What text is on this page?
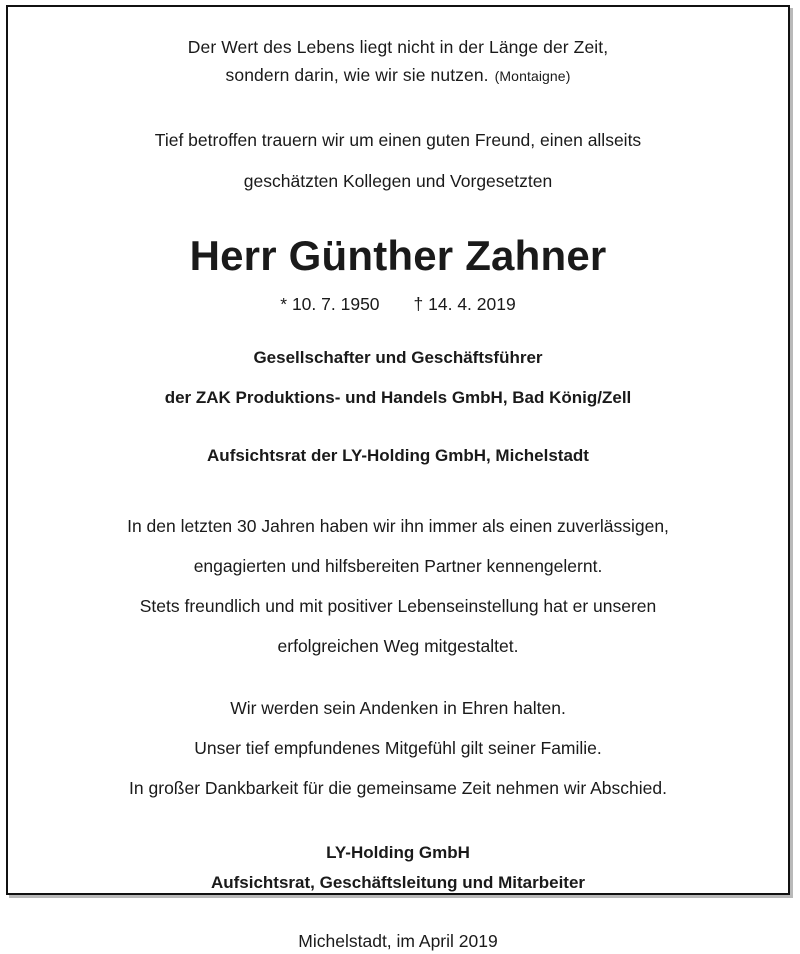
Der Wert des Lebens liegt nicht in der Länge der Zeit,
sondern darin, wie wir sie nutzen. (Montaigne)
Tief betroffen trauern wir um einen guten Freund, einen allseits
geschätzten Kollegen und Vorgesetzten
Herr Günther Zahner
* 10. 7. 1950 † 14. 4. 2019
Gesellschafter und Geschäftsführer
der ZAK Produktions- und Handels GmbH, Bad König/Zell
Aufsichtsrat der LY-Holding GmbH, Michelstadt
In den letzten 30 Jahren haben wir ihn immer als einen zuverlässigen,
engagierten und hilfsbereiten Partner kennengelernt.
Stets freundlich und mit positiver Lebenseinstellung hat er unseren
erfolgreichen Weg mitgestaltet.
Wir werden sein Andenken in Ehren halten.
Unser tief empfundenes Mitgefühl gilt seiner Familie.
In großer Dankbarkeit für die gemeinsame Zeit nehmen wir Abschied.
LY-Holding GmbH
Aufsichtsrat, Geschäftsleitung und Mitarbeiter
Michelstadt, im April 2019
